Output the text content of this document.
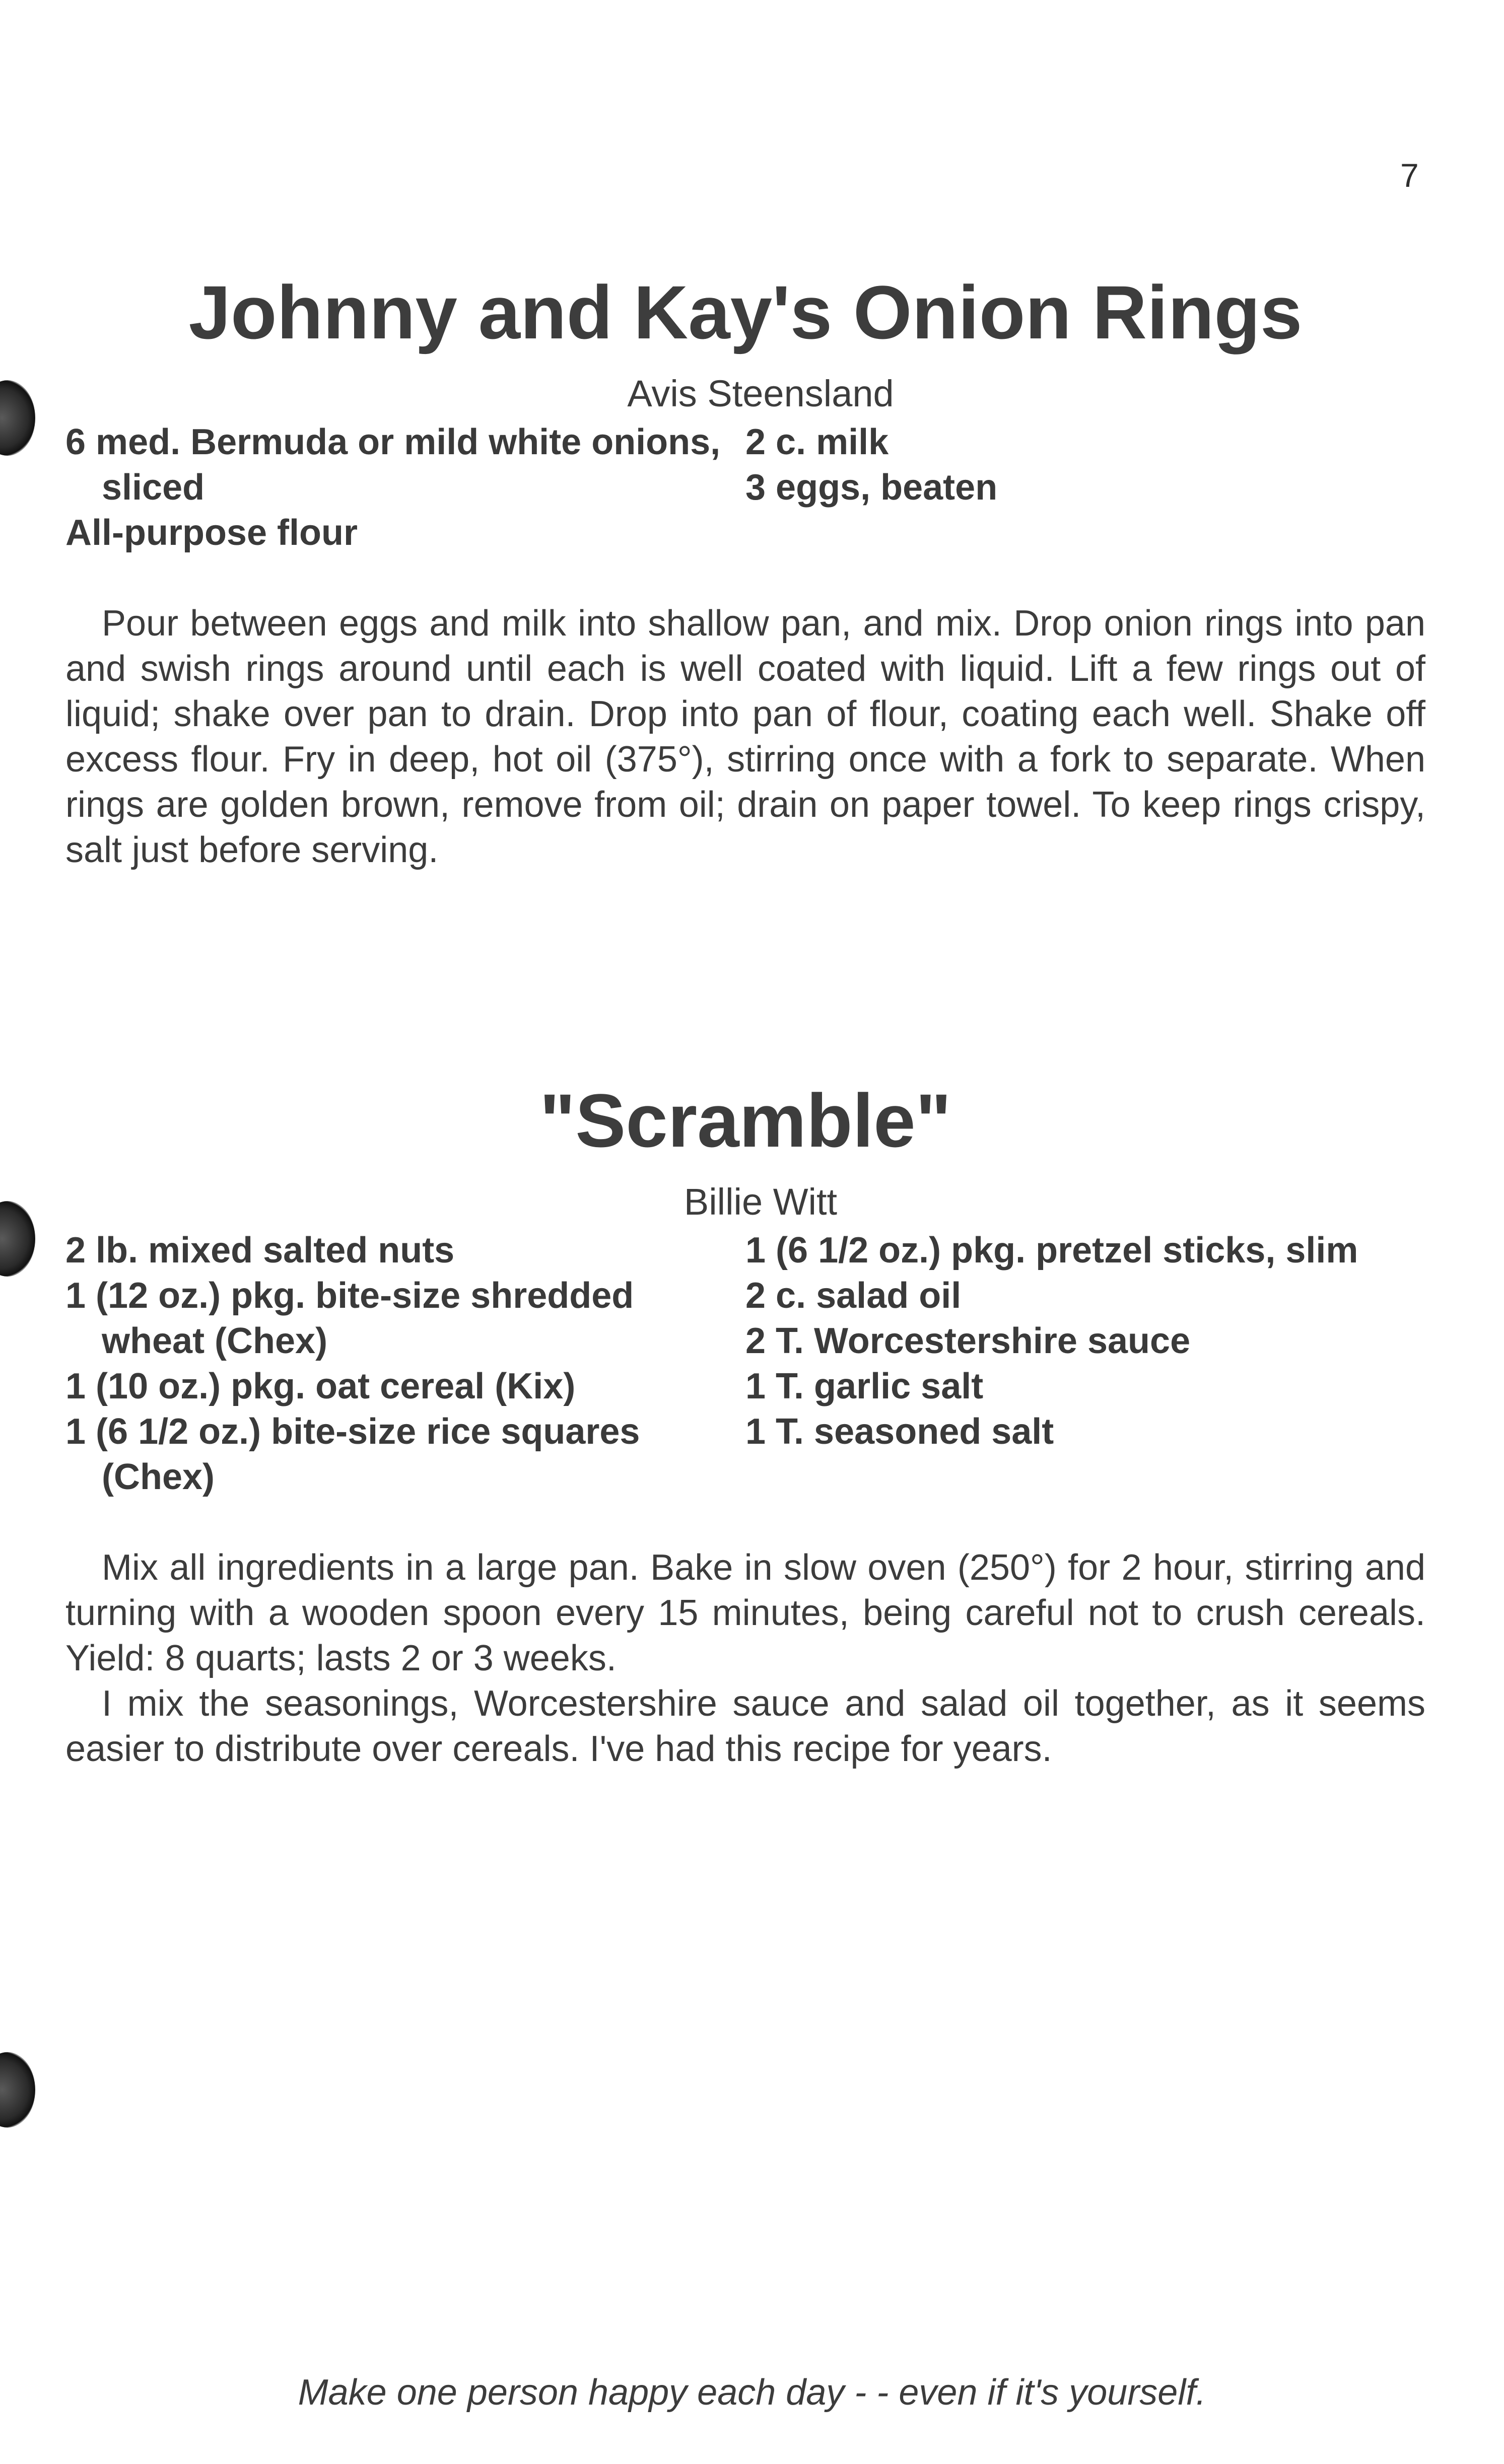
7
Johnny and Kay's Onion Rings
Avis Steensland
6 med. Bermuda or mild white onions, sliced
All-purpose flour
2 c. milk
3 eggs, beaten

Pour between eggs and milk into shallow pan, and mix. Drop onion rings into pan and swish rings around until each is well coated with liquid. Lift a few rings out of liquid; shake over pan to drain. Drop into pan of flour, coating each well. Shake off excess flour. Fry in deep, hot oil (375°), stirring once with a fork to separate. When rings are golden brown, remove from oil; drain on paper towel. To keep rings crispy, salt just before serving.

"Scramble"
Billie Witt
2 lb. mixed salted nuts
1 (12 oz.) pkg. bite-size shredded wheat (Chex)
1 (10 oz.) pkg. oat cereal (Kix)
1 (6 1/2 oz.) bite-size rice squares (Chex)
1 (6 1/2 oz.) pkg. pretzel sticks, slim
2 c. salad oil
2 T. Worcestershire sauce
1 T. garlic salt
1 T. seasoned salt

Mix all ingredients in a large pan. Bake in slow oven (250°) for 2 hour, stirring and turning with a wooden spoon every 15 minutes, being careful not to crush cereals. Yield: 8 quarts; lasts 2 or 3 weeks.

I mix the seasonings, Worcestershire sauce and salad oil together, as it seems easier to distribute over cereals. I've had this recipe for years.

Make one person happy each day - - even if it's yourself.
